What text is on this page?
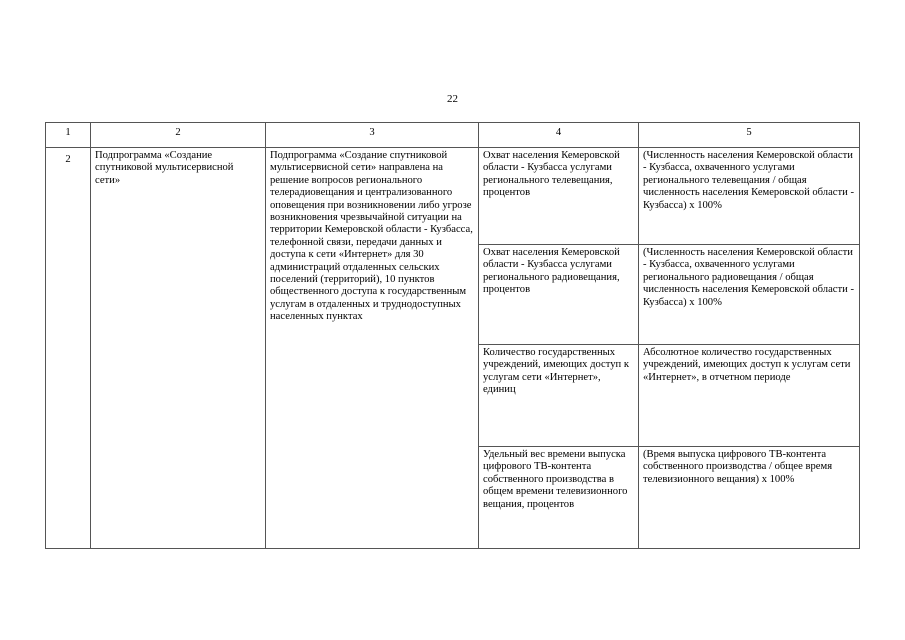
22
1	2	3	4	5
2	Подпрограмма «Создание спутниковой мультисервисной сети»	Подпрограмма «Создание спутниковой мультисервисной сети» направлена на решение вопросов регионального телерадиовещания и централизованного оповещения при возникновении либо угрозе возникновения чрезвычайной ситуации на территории Кемеровской области - Кузбасса, телефонной связи, передачи данных и доступа к сети «Интернет» для 30 администраций отдаленных сельских поселений (территорий), 10 пунктов общественного доступа к государственным услугам в отдаленных и труднодоступных населенных пунктах	Охват населения Кемеровской области - Кузбасса услугами регионального телевещания, процентов	(Численность населения Кемеровской области - Кузбасса, охваченного услугами регионального телевещания / общая численность населения Кемеровской области - Кузбасса) x 100%
			Охват населения Кемеровской области - Кузбасса услугами регионального радиовещания, процентов	(Численность населения Кемеровской области - Кузбасса, охваченного услугами регионального радиовещания / общая численность населения Кемеровской области - Кузбасса) x 100%
			Количество государственных учреждений, имеющих доступ к услугам сети «Интернет», единиц	Абсолютное количество государственных учреждений, имеющих доступ к услугам сети «Интернет», в отчетном периоде
			Удельный вес времени выпуска цифрового ТВ-контента собственного производства в общем времени телевизионного вещания, процентов	(Время выпуска цифрового ТВ-контента собственного производства / общее время телевизионного вещания) x 100%
